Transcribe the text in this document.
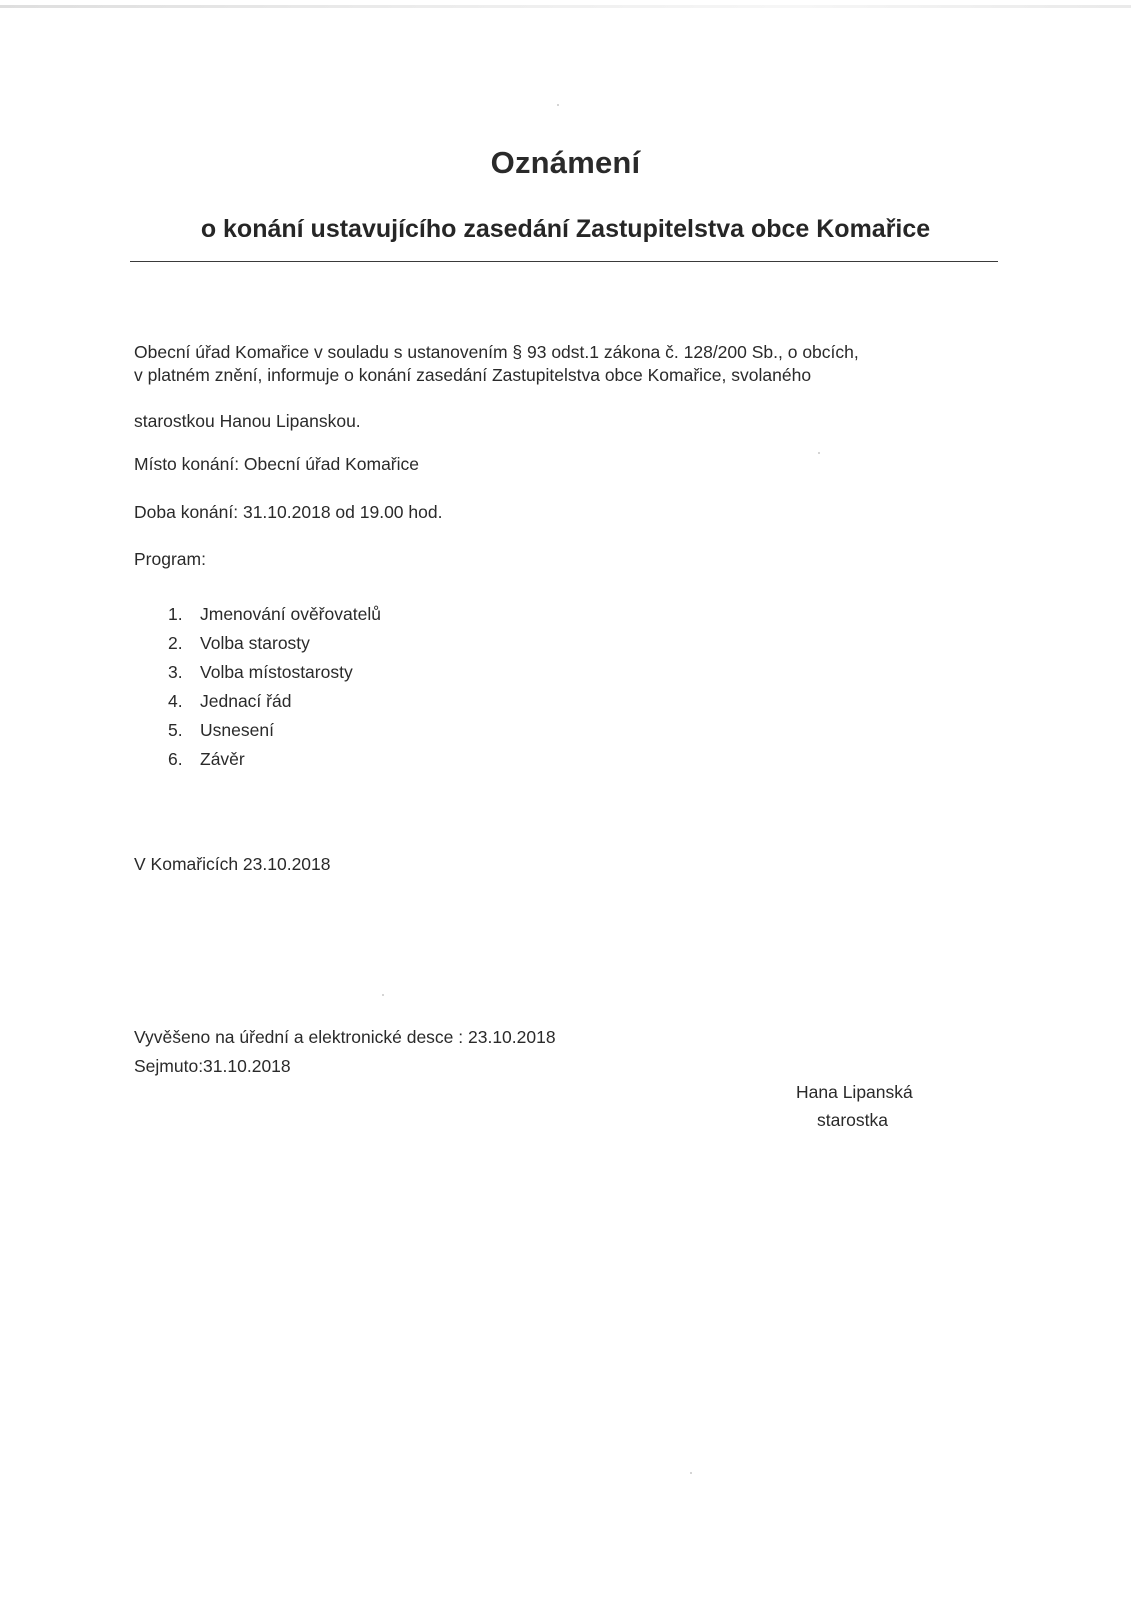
Oznámení
o konání ustavujícího zasedání Zastupitelstva obce Komařice
Obecní úřad Komařice v souladu s ustanovením § 93 odst.1 zákona č. 128/200 Sb., o obcích,
v platném znění, informuje o konání zasedání Zastupitelstva obce Komařice, svolaného
starostkou Hanou Lipanskou.
Místo konání: Obecní úřad Komařice
Doba konání: 31.10.2018 od 19.00 hod.
Program:
1. Jmenování ověřovatelů
2. Volba starosty
3. Volba místostarosty
4. Jednací řád
5. Usnesení
6. Závěr
V Komařicích 23.10.2018
Vyvěšeno na úřední a elektronické desce : 23.10.2018
Sejmuto:31.10.2018
Hana Lipanská
starostka
